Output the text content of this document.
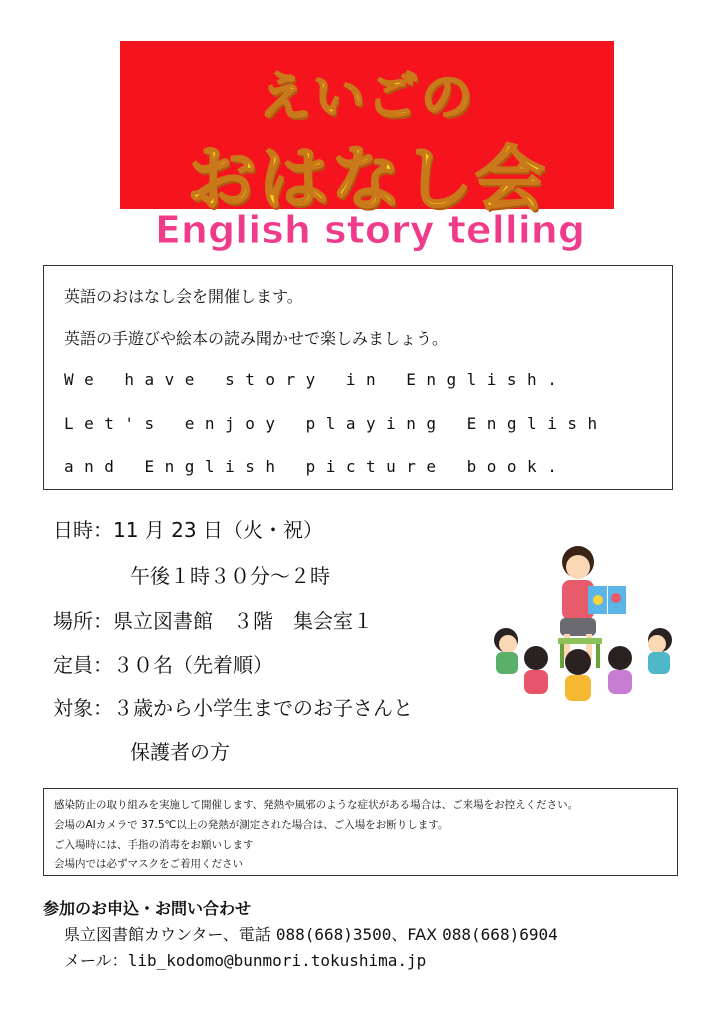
えいごの
おはなし会
English story telling
英語のおはなし会を開催します。
英語の手遊びや絵本の読み聞かせで楽しみましょう。
We have story in English.
Let's enjoy playing English
and English picture book.
日時：11 月 23 日（火・祝）
午後１時３０分～２時
場所：県立図書館　３階　集会室１
定員：３０名（先着順）
対象：３歳から小学生までのお子さんと
保護者の方
感染防止の取り組みを実施して開催します、発熱や風邪のような症状がある場合は、ご来場をお控えください。
会場のAIカメラで 37.5℃以上の発熱が測定された場合は、ご入場をお断りします。
ご入場時には、手指の消毒をお願いします
会場内では必ずマスクをご着用ください
参加のお申込・お問い合わせ
県立図書館カウンター、電話 088(668)3500、FAX 088(668)6904
メール：lib_kodomo@bunmori.tokushima.jp
